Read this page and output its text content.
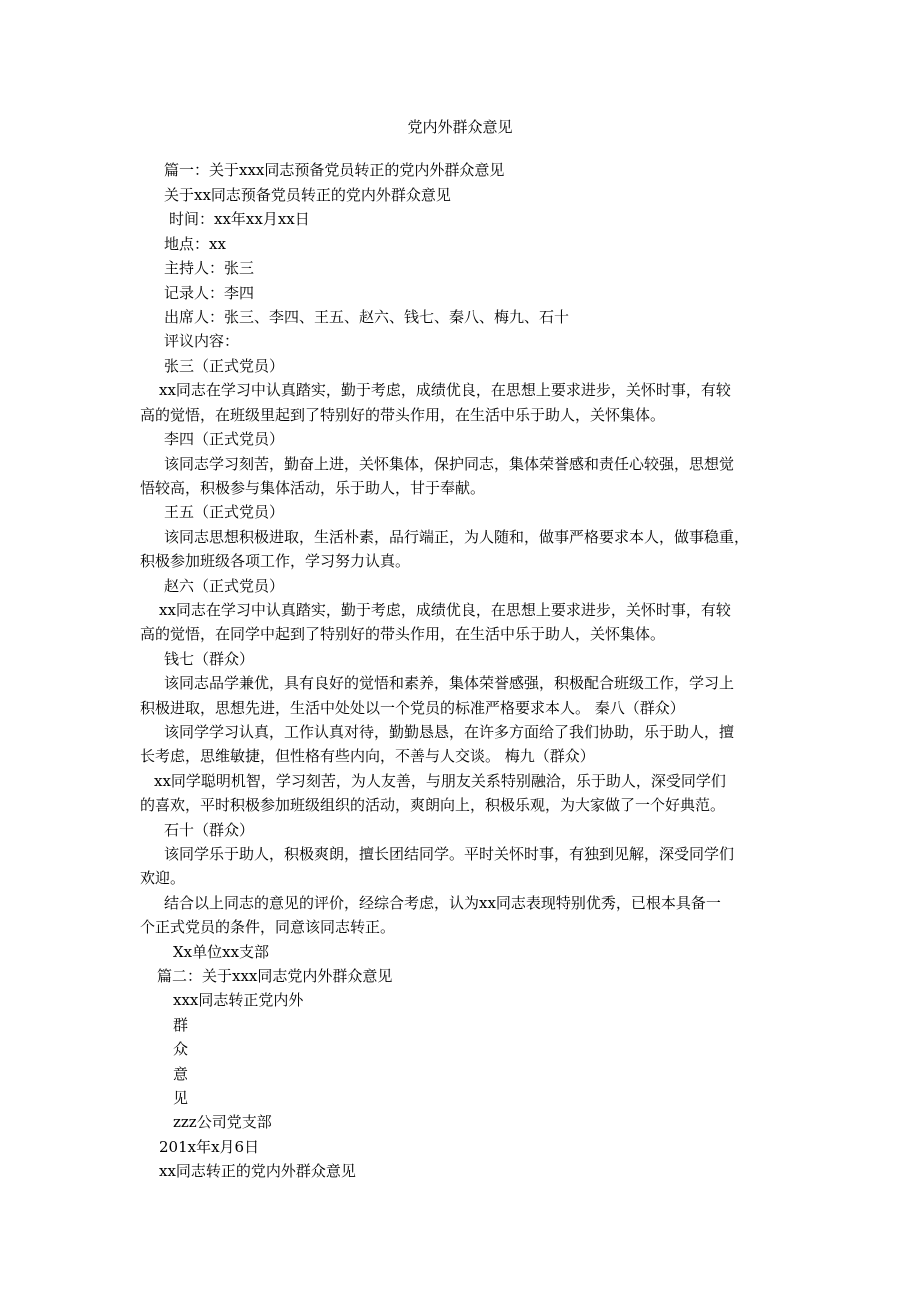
党内外群众意见
篇一：关于xxx同志预备党员转正的党内外群众意见
关于xx同志预备党员转正的党内外群众意见
时间：xx年xx月xx日
地点：xx
主持人：张三
记录人：李四
出席人：张三、李四、王五、赵六、钱七、秦八、梅九、石十
评议内容：
张三（正式党员）
xx同志在学习中认真踏实，勤于考虑，成绩优良，在思想上要求进步，关怀时事，有较
高的觉悟，在班级里起到了特别好的带头作用，在生活中乐于助人，关怀集体。
李四（正式党员）
该同志学习刻苦，勤奋上进，关怀集体，保护同志，集体荣誉感和责任心较强，思想觉
悟较高，积极参与集体活动，乐于助人，甘于奉献。
王五（正式党员）
该同志思想积极进取，生活朴素，品行端正，为人随和，做事严格要求本人，做事稳重，
积极参加班级各项工作，学习努力认真。
赵六（正式党员）
xx同志在学习中认真踏实，勤于考虑，成绩优良，在思想上要求进步，关怀时事，有较
高的觉悟，在同学中起到了特别好的带头作用，在生活中乐于助人，关怀集体。
钱七（群众）
该同志品学兼优，具有良好的觉悟和素养，集体荣誉感强，积极配合班级工作，学习上
积极进取，思想先进，生活中处处以一个党员的标准严格要求本人。 秦八（群众）
该同学学习认真，工作认真对待，勤勤恳恳，在许多方面给了我们协助，乐于助人，擅
长考虑，思维敏捷，但性格有些内向，不善与人交谈。 梅九（群众）
xx同学聪明机智，学习刻苦，为人友善，与朋友关系特别融洽，乐于助人，深受同学们
的喜欢，平时积极参加班级组织的活动，爽朗向上，积极乐观，为大家做了一个好典范。
石十（群众）
该同学乐于助人，积极爽朗，擅长团结同学。平时关怀时事，有独到见解，深受同学们
欢迎。
结合以上同志的意见的评价，经综合考虑，认为xx同志表现特别优秀，已根本具备一
个正式党员的条件，同意该同志转正。
Xx单位xx支部
篇二：关于xxx同志党内外群众意见
xxx同志转正党内外
群
众
意
见
zzz公司党支部
201x年x月6日
xx同志转正的党内外群众意见
